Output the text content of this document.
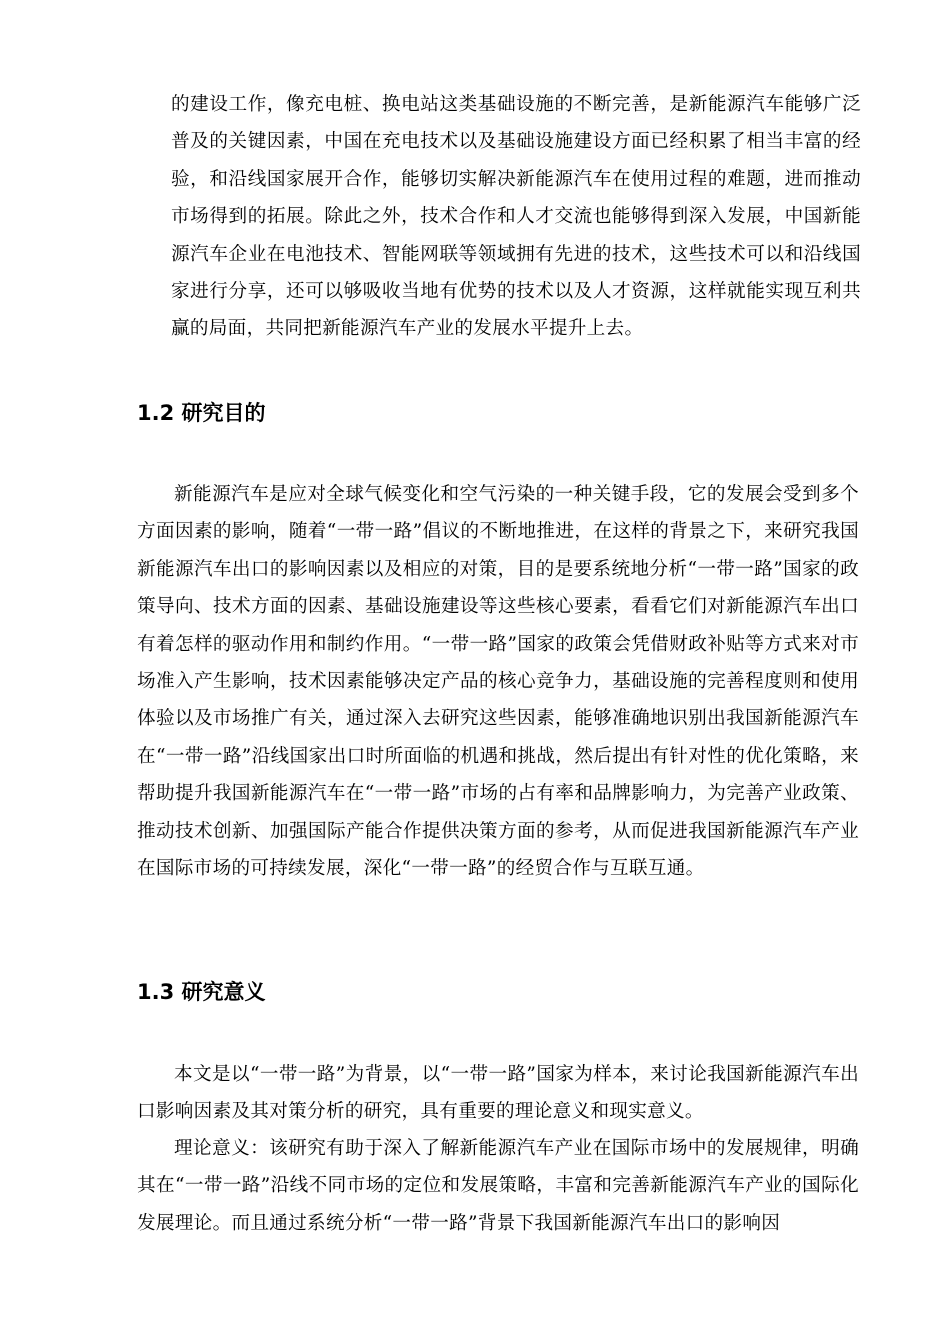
的建设工作，像充电桩、换电站这类基础设施的不断完善，是新能源汽车能够广泛普及的关键因素，中国在充电技术以及基础设施建设方面已经积累了相当丰富的经验，和沿线国家展开合作，能够切实解决新能源汽车在使用过程的难题，进而推动市场得到的拓展。除此之外，技术合作和人才交流也能够得到深入发展，中国新能源汽车企业在电池技术、智能网联等领域拥有先进的技术，这些技术可以和沿线国家进行分享，还可以够吸收当地有优势的技术以及人才资源，这样就能实现互利共赢的局面，共同把新能源汽车产业的发展水平提升上去。

1.2 研究目的

新能源汽车是应对全球气候变化和空气污染的一种关键手段，它的发展会受到多个方面因素的影响，随着“一带一路”倡议的不断地推进，在这样的背景之下，来研究我国新能源汽车出口的影响因素以及相应的对策，目的是要系统地分析“一带一路”国家的政策导向、技术方面的因素、基础设施建设等这些核心要素，看看它们对新能源汽车出口有着怎样的驱动作用和制约作用。“一带一路”国家的政策会凭借财政补贴等方式来对市场准入产生影响，技术因素能够决定产品的核心竞争力，基础设施的完善程度则和使用体验以及市场推广有关，通过深入去研究这些因素，能够准确地识别出我国新能源汽车在“一带一路”沿线国家出口时所面临的机遇和挑战，然后提出有针对性的优化策略，来帮助提升我国新能源汽车在“一带一路”市场的占有率和品牌影响力，为完善产业政策、推动技术创新、加强国际产能合作提供决策方面的参考，从而促进我国新能源汽车产业在国际市场的可持续发展，深化“一带一路”的经贸合作与互联互通。

1.3 研究意义

本文是以“一带一路”为背景，以“一带一路”国家为样本，来讨论我国新能源汽车出口影响因素及其对策分析的研究，具有重要的理论意义和现实意义。

理论意义：该研究有助于深入了解新能源汽车产业在国际市场中的发展规律，明确其在“一带一路”沿线不同市场的定位和发展策略，丰富和完善新能源汽车产业的国际化发展理论。而且通过系统分析“一带一路”背景下我国新能源汽车出口的影响因
